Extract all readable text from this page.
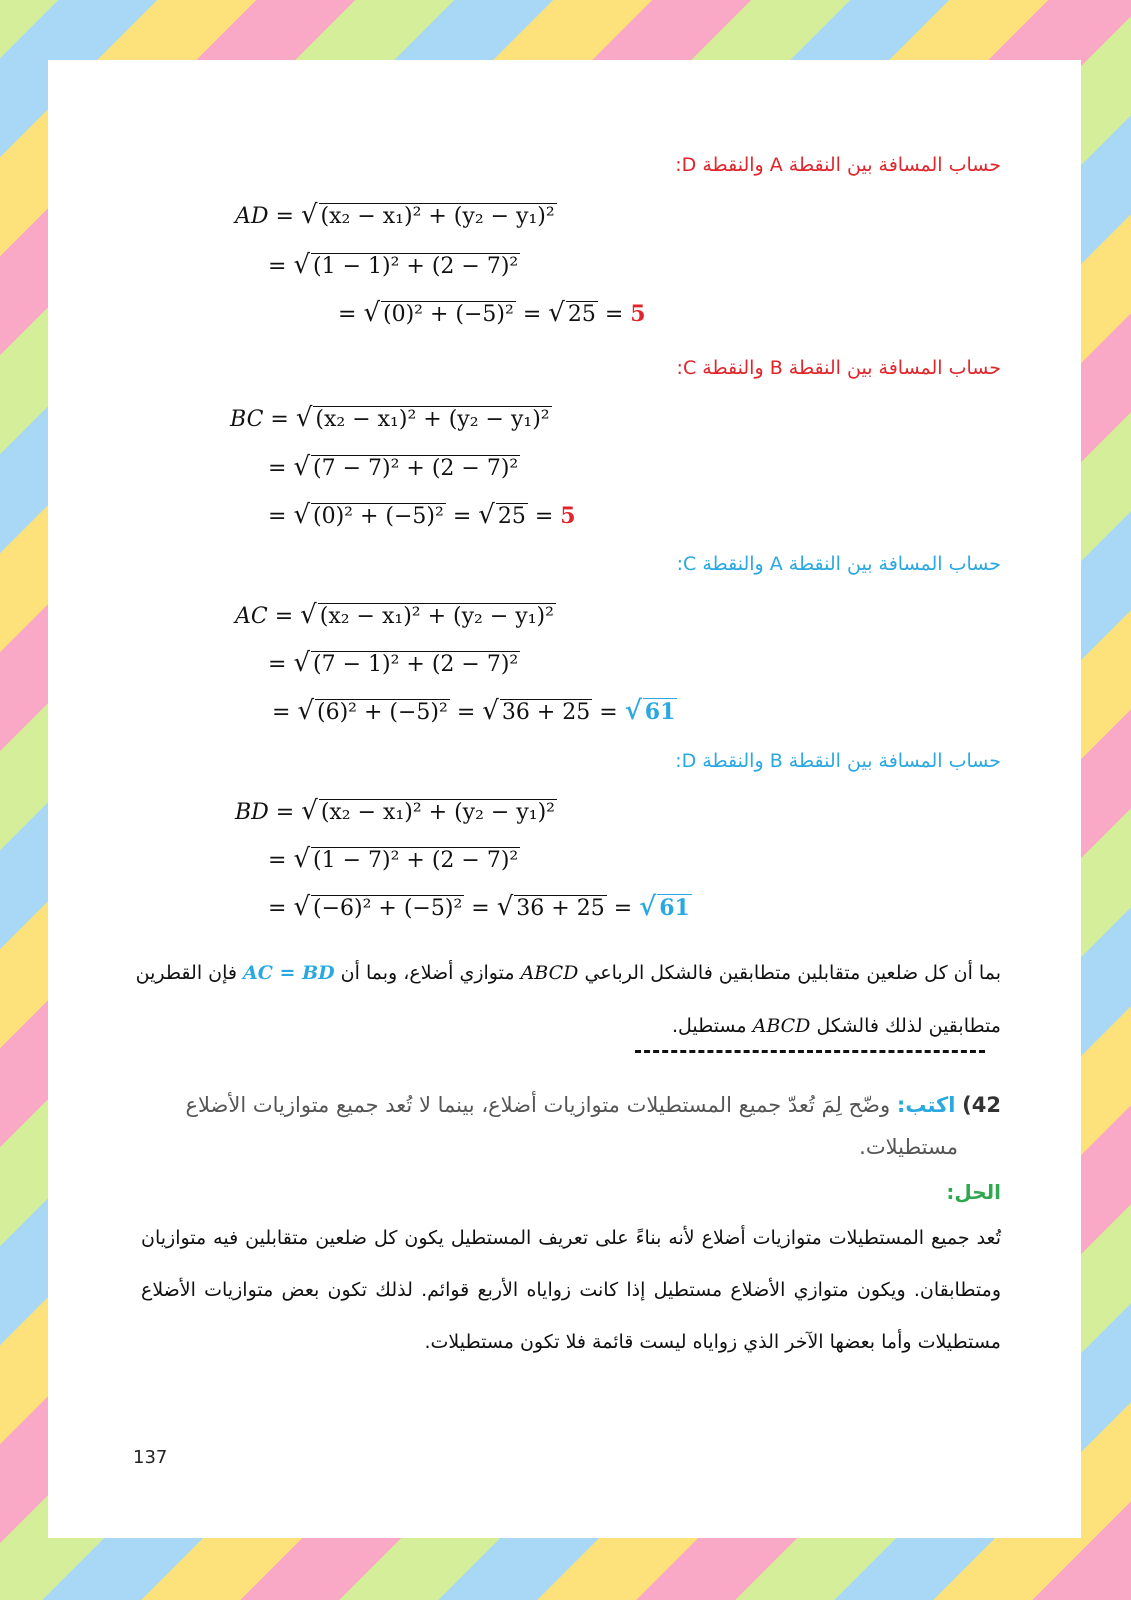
حساب المسافة بين النقطة A والنقطة D:
AD = √ (x₂ − x₁)² + (y₂ − y₁)²
= √ (1 − 1)² + (2 − 7)²
= √ (0)² + (−5)² = √ 25 = 5
حساب المسافة بين النقطة B والنقطة C:
BC = √ (x₂ − x₁)² + (y₂ − y₁)²
= √ (7 − 7)² + (2 − 7)²
= √ (0)² + (−5)² = √ 25 = 5
حساب المسافة بين النقطة A والنقطة C:
AC = √ (x₂ − x₁)² + (y₂ − y₁)²
= √ (7 − 1)² + (2 − 7)²
= √ (6)² + (−5)² = √ 36 + 25 = √ 61
حساب المسافة بين النقطة B والنقطة D:
BD = √ (x₂ − x₁)² + (y₂ − y₁)²
= √ (1 − 7)² + (2 − 7)²
= √ (−6)² + (−5)² = √ 36 + 25 = √ 61
بما أن كل ضلعين متقابلين متطابقين فالشكل الرباعي ABCD متوازي أضلاع، وبما أن AC = BD فإن القطرين
متطابقين لذلك فالشكل ABCD مستطيل.
42) اكتب: وضّح لِمَ تُعدّ جميع المستطيلات متوازيات أضلاع، بينما لا تُعد جميع متوازيات الأضلاع
مستطيلات.
الحل:
تُعد جميع المستطيلات متوازيات أضلاع لأنه بناءً على تعريف المستطيل يكون كل ضلعين متقابلين فيه متوازيان ومتطابقان. ويكون متوازي الأضلاع مستطيل إذا كانت زواياه الأربع قوائم. لذلك تكون بعض متوازيات الأضلاع مستطيلات وأما بعضها الآخر الذي زواياه ليست قائمة فلا تكون مستطيلات.
137
